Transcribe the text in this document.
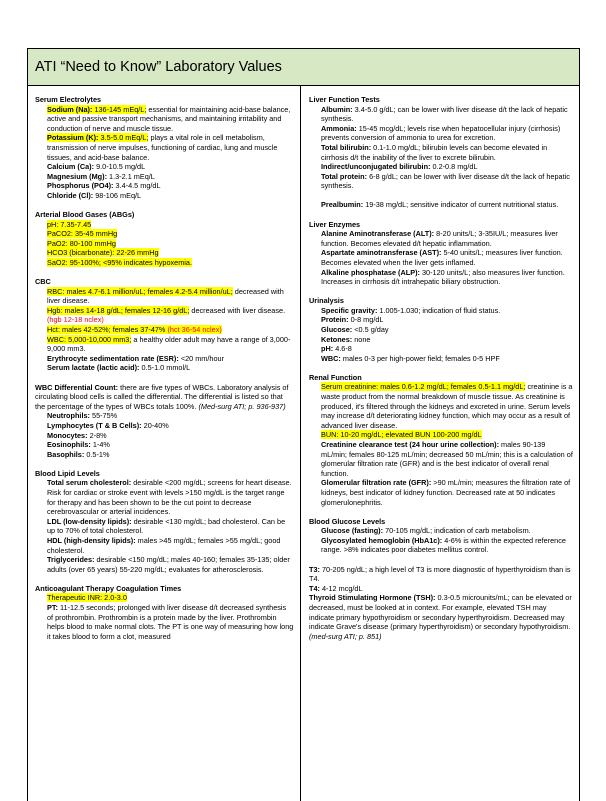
ATI “Need to Know” Laboratory Values
Serum Electrolytes
Sodium (Na): 136-145 mEq/L; essential for maintaining acid-base balance, active and passive transport mechanisms, and maintaining irritability and conduction of nerve and muscle tissue.
Potassium (K): 3.5-5.0 mEq/L; plays a vital role in cell metabolism, transmission of nerve impulses, functioning of cardiac, lung and muscle tissues, and acid-base balance.
Calcium (Ca): 9.0-10.5 mg/dL
Magnesium (Mg): 1.3-2.1 mEq/L
Phosphorus (PO4): 3.4-4.5 mg/dL
Chloride (Cl): 98-106 mEq/L
Arterial Blood Gases (ABGs)
pH: 7.35-7.45
PaCO2: 35-45 mmHg
PaO2: 80-100 mmHg
HCO3 (bicarbonate): 22-26 mmHg
SaO2: 95-100%; <95% indicates hypoxemia.
CBC
RBC: males 4.7-6.1 million/uL; females 4.2-5.4 million/uL; decreased with liver disease.
Hgb: males 14-18 g/dL; females 12-16 g/dL; decreased with liver disease. (hgb 12-18 nclex)
Hct: males 42-52%; females 37-47% (hct 36-54 nclex)
WBC: 5,000-10,000 mm3; a healthy older adult may have a range of 3,000-9,000 mm3.
Erythrocyte sedimentation rate (ESR): <20 mm/hour
Serum lactate (lactic acid): 0.5-1.0 mmol/L
WBC Differential Count: there are five types of WBCs. Laboratory analysis of circulating blood cells is called the differential. The differential is listed so that the percentage of the types of WBCs totals 100%. (Med-surg ATI; p. 936-937)
Neutrophils: 55-75%
Lymphocytes (T & B Cells): 20-40%
Monocytes: 2-8%
Eosinophils: 1-4%
Basophils: 0.5-1%
Blood Lipid Levels
Total serum cholesterol: desirable <200 mg/dL; screens for heart disease. Risk for cardiac or stroke event with levels >150 mg/dL is the target range for therapy and has been shown to be the cut point to decrease cerebrovascular or arterial incidences.
LDL (low-density lipids): desirable <130 mg/dL; bad cholesterol. Can be up to 70% of total cholesterol.
HDL (high-density lipids): males >45 mg/dL; females >55 mg/dL; good cholesterol.
Triglycerides: desirable <150 mg/dL; males 40-160; females 35-135; older adults (over 65 years) 55-220 mg/dL; evaluates for atherosclerosis.
Anticoagulant Therapy Coagulation Times
Therapeutic INR: 2.0-3.0
PT: 11-12.5 seconds; prolonged with liver disease d/t decreased synthesis of prothrombin. Prothrombin is a protein made by the liver. Prothrombin helps blood to make normal clots. The PT is one way of measuring how long it takes blood to form a clot, measured
Liver Function Tests
Albumin: 3.4-5.0 g/dL; can be lower with liver disease d/t the lack of hepatic synthesis.
Ammonia: 15-45 mcg/dL; levels rise when hepatocellular injury (cirrhosis) prevents conversion of ammonia to urea for excretion.
Total bilirubin: 0.1-1.0 mg/dL; bilirubin levels can become elevated in cirrhosis d/t the inability of the liver to excrete bilirubin.
Indirect/unconjugated bilirubin: 0.2-0.8 mg/dL
Total protein: 6-8 g/dL; can be lower with liver disease d/t the lack of hepatic synthesis.
Prealbumin: 19-38 mg/dL; sensitive indicator of current nutritional status.
Liver Enzymes
Alanine Aminotransferase (ALT): 8-20 units/L; 3-35IU/L; measures liver function. Becomes elevated d/t hepatic inflammation.
Aspartate aminotransferase (AST): 5-40 units/L; measures liver function. Becomes elevated when the liver gets inflamed.
Alkaline phosphatase (ALP): 30-120 units/L; also measures liver function. Increases in cirrhosis d/t intrahepatic biliary obstruction.
Urinalysis
Specific gravity: 1.005-1.030; indication of fluid status.
Protein: 0-8 mg/dL
Glucose: <0.5 g/day
Ketones: none
pH: 4.6-8
WBC: males 0-3 per high-power field; females 0-5 HPF
Renal Function
Serum creatinine: males 0.6-1.2 mg/dL; females 0.5-1.1 mg/dL; creatinine is a waste product from the normal breakdown of muscle tissue. As creatinine is produced, it's filtered through the kidneys and excreted in urine. Serum levels may increase d/t deteriorating kidney function, which may occur as a result of advanced liver disease.
BUN: 10-20 mg/dL; elevated BUN 100-200 mg/dL
Creatinine clearance test (24 hour urine collection): males 90-139 mL/min; females 80-125 mL/min; decreased 50 mL/min; this is a calculation of glomerular filtration rate (GFR) and is the best indicator of overall renal function.
Glomerular filtration rate (GFR): >90 mL/min; measures the filtration rate of kidneys, best indicator of kidney function. Decreased rate at 50 indicates glomerulonephritis.
Blood Glucose Levels
Glucose (fasting): 70-105 mg/dL; indication of carb metabolism.
Glycosylated hemoglobin (HbA1c): 4-6% is within the expected reference range. >8% indicates poor diabetes mellitus control.
T3: 70-205 ng/dL; a high level of T3 is more diagnostic of hyperthyroidism than is T4.
T4: 4-12 mcg/dL
Thyroid Stimulating Hormone (TSH): 0.3-0.5 microunits/mL; can be elevated or decreased, must be looked at in context. For example, elevated TSH may indicate primary hypothyroidism or secondary hyperthyroidism. Decreased may indicate Grave's disease (primary hyperthyroidism) or secondary hypothyroidism. (med-surg ATI; p. 851)
